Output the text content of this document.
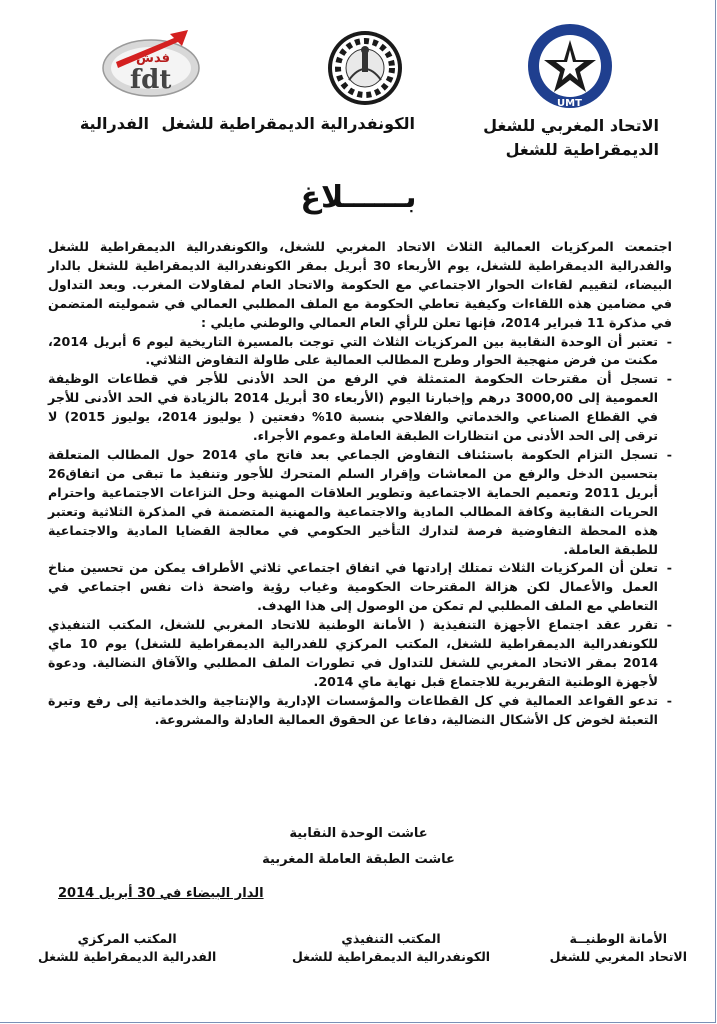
فدش
fdt
UMT
الاتحاد المغربي للشغل
الديمقراطية للشغل
الكونفدرالية الديمقراطية للشغل
الفدرالية
بــــــلاغ

اجتمعت المركزيات العمالية الثلاث الاتحاد المغربي للشغل، والكونفدرالية الديمقراطية للشغل والفدرالية الديمقراطية للشغل، يوم الأربعاء 30 أبريل بمقر الكونفدرالية الديمقراطية للشغل بالدار البيضاء، لتقييم لقاءات الحوار الاجتماعي مع الحكومة والاتحاد العام لمقاولات المغرب. وبعد التداول في مضامين هذه اللقاءات وكيفية تعاطي الحكومة مع الملف المطلبي العمالي في شموليته المتضمن في مذكرة 11 فبراير 2014، فإنها تعلن للرأي العام العمالي والوطني مايلي :

- تعتبر أن الوحدة النقابية بين المركزيات الثلاث التي توجت بالمسيرة التاريخية ليوم 6 أبريل 2014، مكنت من فرض منهجية الحوار وطرح المطالب العمالية على طاولة التفاوض الثلاثي.
- تسجل أن مقترحات الحكومة المتمثلة في الرفع من الحد الأدنى للأجر في قطاعات الوظيفة العمومية إلى 3000,00 درهم وإخبارنا اليوم (الأربعاء 30 أبريل 2014 بالزيادة في الحد الأدنى للأجر في القطاع الصناعي والخدماتي والفلاحي بنسبة 10% دفعتين ( يوليوز 2014، يوليوز 2015) لا ترقى إلى الحد الأدنى من انتظارات الطبقة العاملة وعموم الأجراء.
- تسجل التزام الحكومة باستئناف التفاوض الجماعي بعد فاتح ماي 2014 حول المطالب المتعلقة بتحسين الدخل والرفع من المعاشات وإقرار السلم المتحرك للأجور وتنفيذ ما تبقى من اتفاق26 أبريل 2011 وتعميم الحماية الاجتماعية وتطوير العلاقات المهنية وحل النزاعات الاجتماعية واحترام الحريات النقابية وكافة المطالب المادية والاجتماعية والمهنية المتضمنة في المذكرة الثلاثية وتعتبر هذه المحطة التفاوضية فرصة لتدارك التأخير الحكومي في معالجة القضايا المادية والاجتماعية للطبقة العاملة.
- تعلن أن المركزيات الثلاث تمتلك إرادتها في اتفاق اجتماعي ثلاثي الأطراف يمكن من تحسين مناخ العمل والأعمال لكن هزالة المقترحات الحكومية وغياب رؤية واضحة ذات نفس اجتماعي في التعاطي مع الملف المطلبي لم تمكن من الوصول إلى هذا الهدف.
- تقرر عقد اجتماع الأجهزة التنفيذية ( الأمانة الوطنية للاتحاد المغربي للشغل، المكتب التنفيذي للكونفدرالية الديمقراطية للشغل، المكتب المركزي للفدرالية الديمقراطية للشغل) يوم 10 ماي 2014 بمقر الاتحاد المغربي للشغل للتداول في تطورات الملف المطلبي والآفاق النضالية. ودعوة لأجهزة الوطنية التقريرية للاجتماع قبل نهاية ماي 2014.
- تدعو القواعد العمالية في كل القطاعات والمؤسسات الإدارية والإنتاجية والخدماتية إلى رفع وتيرة التعبئة لخوض كل الأشكال النضالية، دفاعا عن الحقوق العمالية العادلة والمشروعة.
عاشت الوحدة النقابية
عاشت الطبقة العاملة المغربية
الدار البيضاء في 30 أبريل 2014
الأمانة الوطنيــة
الاتحاد المغربي للشغل
المكتب التنفيذي
الكونفدرالية الديمقراطية للشغل
المكتب المركزي
الفدرالية الديمقراطية للشغل
